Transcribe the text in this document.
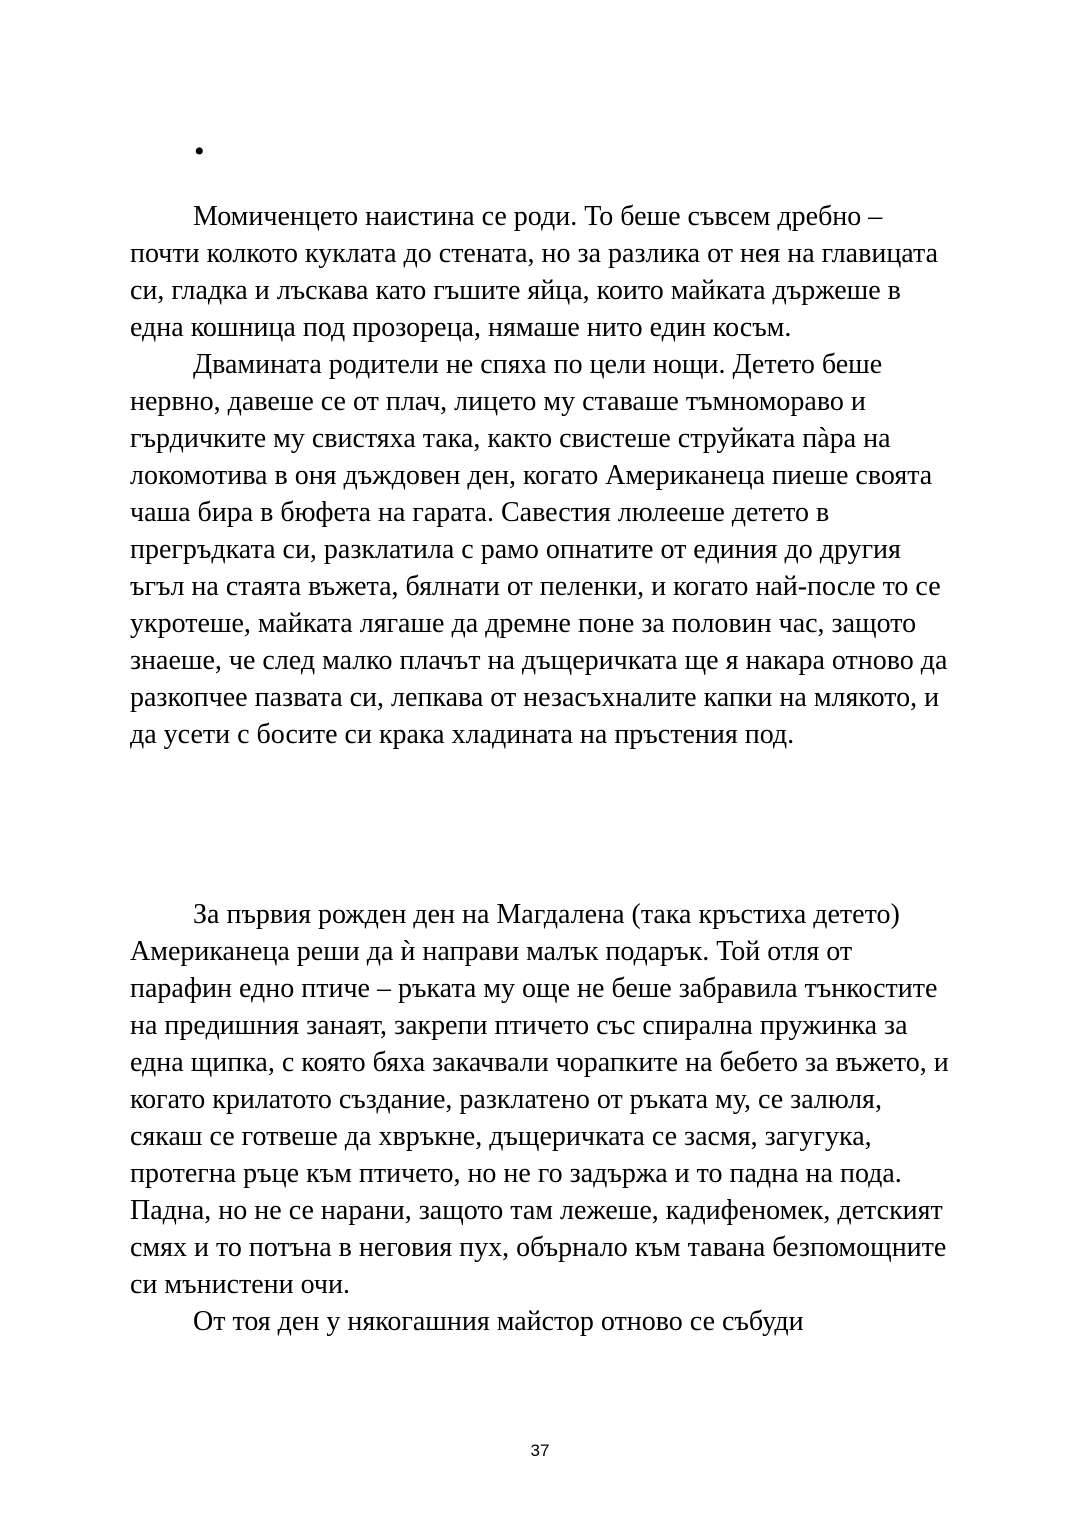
•

Момиченцето наистина се роди. То беше съвсем дребно – почти колкото куклата до стената, но за разлика от нея на главицата си, гладка и лъскава като гъшите яйца, които майката държеше в една кошница под прозореца, нямаше нито един косъм.

Двамината родители не спяха по цели нощи. Детето беше нервно, давеше се от плач, лицето му ставаше тъмномораво и гърдичките му свистяха така, както свистеше струйката пàра на локомотива в оня дъждовен ден, когато Американеца пиеше своята чаша бира в бюфета на гарата. Савестия люлееше детето в прегръдката си, разклатила с рамо опнатите от единия до другия ъгъл на стаята въжета, бялнати от пеленки, и когато най-после то се укротеше, майката лягаше да дремне поне за половин час, защото знаеше, че след малко плачът на дъщеричката ще я накара отново да разкопчее пазвата си, лепкава от незасъхналите капки на млякото, и да усети с босите си крака хладината на пръстения под.

За първия рожден ден на Магдалена (така кръстиха детето) Американеца реши да ѝ направи малък подарък. Той отля от парафин едно птиче – ръката му още не беше забравила тънкостите на предишния занаят, закрепи птичето със спирална пружинка за една щипка, с която бяха закачвали чорапките на бебето за въжето, и когато крилатото създание, разклатено от ръката му, се залюля, сякаш се готвеше да хвръкне, дъщеричката се засмя, загугука, протегна ръце към птичето, но не го задържа и то падна на пода. Падна, но не се нарани, защото там лежеше, кадифеномек, детският смях и то потъна в неговия пух, обърнало към тавана безпомощните си мънистени очи.

От тоя ден у някогашния майстор отново се събуди

37
